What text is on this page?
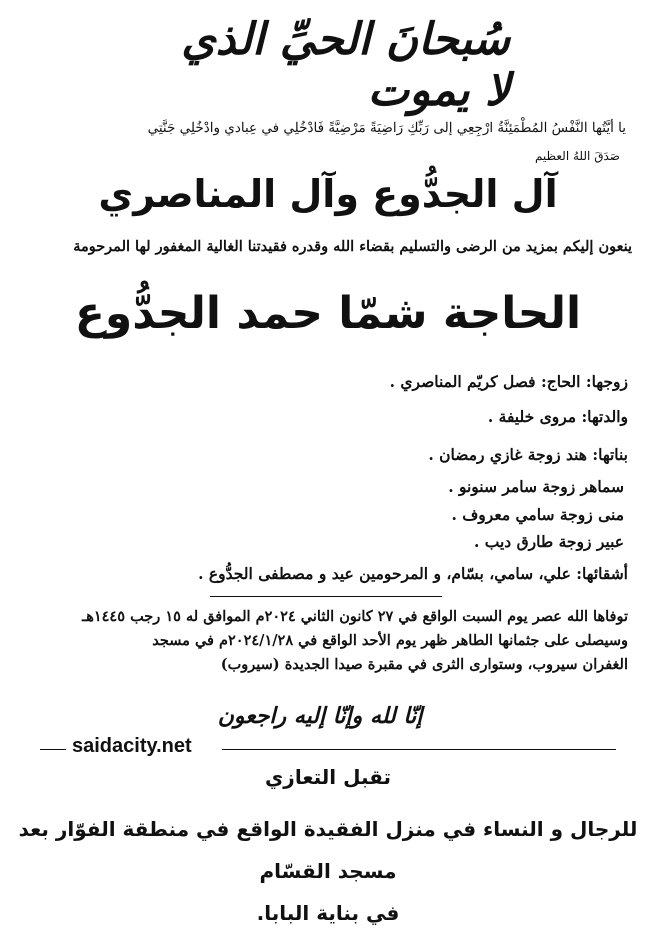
سُبحانَ الحيِّ الذي لا يموت
يا أيَّتُها النَّفْسُ المُطْمَئِنَّةُ ارْجِعِي إلى رَبِّكِ رَاضِيَةً مَرْضِيَّةً فَادْخُلِي في عِبادي وادْخُلِي جَنَّتِي
صَدَقَ اللهُ العظيم
آل الجدُّوع وآل المناصري
ينعون إليكم بمزيد من الرضى والتسليم بقضاء الله وقدره فقيدتنا الغالية المغفور لها المرحومة
الحاجة شمّا حمد الجدُّوع
زوجها: الحاج: فصل كريّم المناصري .
والدتها: مروى خليفة .
بناتها: هند زوجة غازي رمضان .
سماهر زوجة سامر سنونو .
منى زوجة سامي معروف .
عبير زوجة طارق ديب .
أشقائها: علي، سامي، بسّام، و المرحومين عيد و مصطفى الجدُّوع .
توفاها الله عصر يوم السبت الواقع في ٢٧ كانون الثاني ٢٠٢٤م الموافق له ١٥ رجب ١٤٤٥هـ
وسيصلى على جثمانها الطاهر ظهر يوم الأحد الواقع في ٢٠٢٤/١/٢٨م في مسجد
الغفران سيروب، وستوارى الثرى في مقبرة صيدا الجديدة (سيروب)
إنّا لله وإنّا إليه راجعون
saidacity.net
تقبل التعازي
للرجال و النساء في منزل الفقيدة الواقع في منطقة الفوّار بعد مسجد القسّام
في بناية البابا.
